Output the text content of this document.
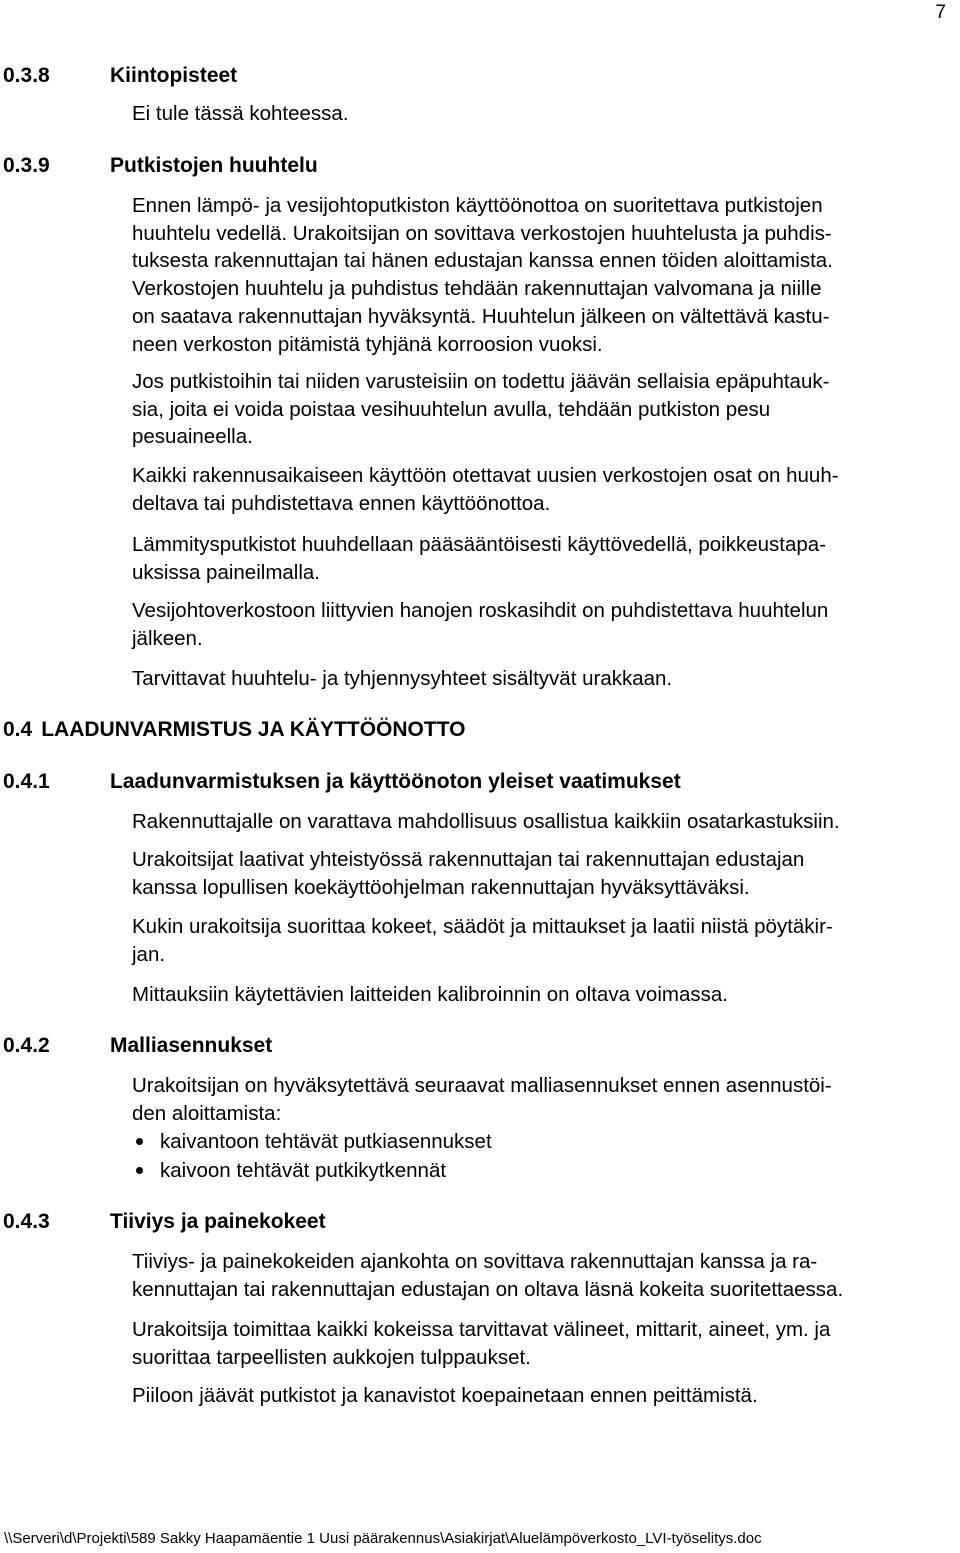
7
0.3.8	Kiintopisteet

Ei tule tässä kohteessa.

0.3.9	Putkistojen huuhtelu

Ennen lämpö- ja vesijohtoputkiston käyttöönottoa on suoritettava putkistojen

huuhtelu vedellä. Urakoitsijan on sovittava verkostojen huuhtelusta ja puhdis-

tuksesta rakennuttajan tai hänen edustajan kanssa ennen töiden aloittamista.

Verkostojen huuhtelu ja puhdistus tehdään rakennuttajan valvomana ja niille

on saatava rakennuttajan hyväksyntä. Huuhtelun jälkeen on vältettävä kastu-

neen verkoston pitämistä tyhjänä korroosion vuoksi.

Jos putkistoihin tai niiden varusteisiin on todettu jäävän sellaisia epäpuhtauk-

sia, joita ei voida poistaa vesihuuhtelun avulla, tehdään putkiston pesu

pesuaineella.

Kaikki rakennusaikaiseen käyttöön otettavat uusien verkostojen osat on huuh-

deltava tai puhdistettava ennen käyttöönottoa.

Lämmitysputkistot huuhdellaan pääsääntöisesti käyttövedellä, poikkeustapa-

uksissa paineilmalla.

Vesijohtoverkostoon liittyvien hanojen roskasihdit on puhdistettava huuhtelun

jälkeen.

Tarvittavat huuhtelu- ja tyhjennysyhteet sisältyvät urakkaan.

0.4 LAADUNVARMISTUS JA KÄYTTÖÖNOTTO
0.4.1	Laadunvarmistuksen ja käyttöönoton yleiset vaatimukset

Rakennuttajalle on varattava mahdollisuus osallistua kaikkiin osatarkastuksiin.

Urakoitsijat laativat yhteistyössä rakennuttajan tai rakennuttajan edustajan

kanssa lopullisen koekäyttöohjelman rakennuttajan hyväksyttäväksi.

Kukin urakoitsija suorittaa kokeet, säädöt ja mittaukset ja laatii niistä pöytäkir-

jan.

Mittauksiin käytettävien laitteiden kalibroinnin on oltava voimassa.

0.4.2	Malliasennukset

Urakoitsijan on hyväksytettävä seuraavat malliasennukset ennen asennustöi-

den aloittamista:

kaivantoon tehtävät putkiasennukset
kaivoon tehtävät putkikytkennät
0.4.3	Tiiviys ja painekokeet

Tiiviys- ja painekokeiden ajankohta on sovittava rakennuttajan kanssa ja ra-

kennuttajan tai rakennuttajan edustajan on oltava läsnä kokeita suoritettaessa.

Urakoitsija toimittaa kaikki kokeissa tarvittavat välineet, mittarit, aineet, ym. ja

suorittaa tarpeellisten aukkojen tulppaukset.

Piiloon jäävät putkistot ja kanavistot koepainetaan ennen peittämistä.

\\Serveri\d\Projekti\589 Sakky Haapamäentie 1 Uusi päärakennus\Asiakirjat\Aluelämpöverkosto_LVI-työselitys.doc
